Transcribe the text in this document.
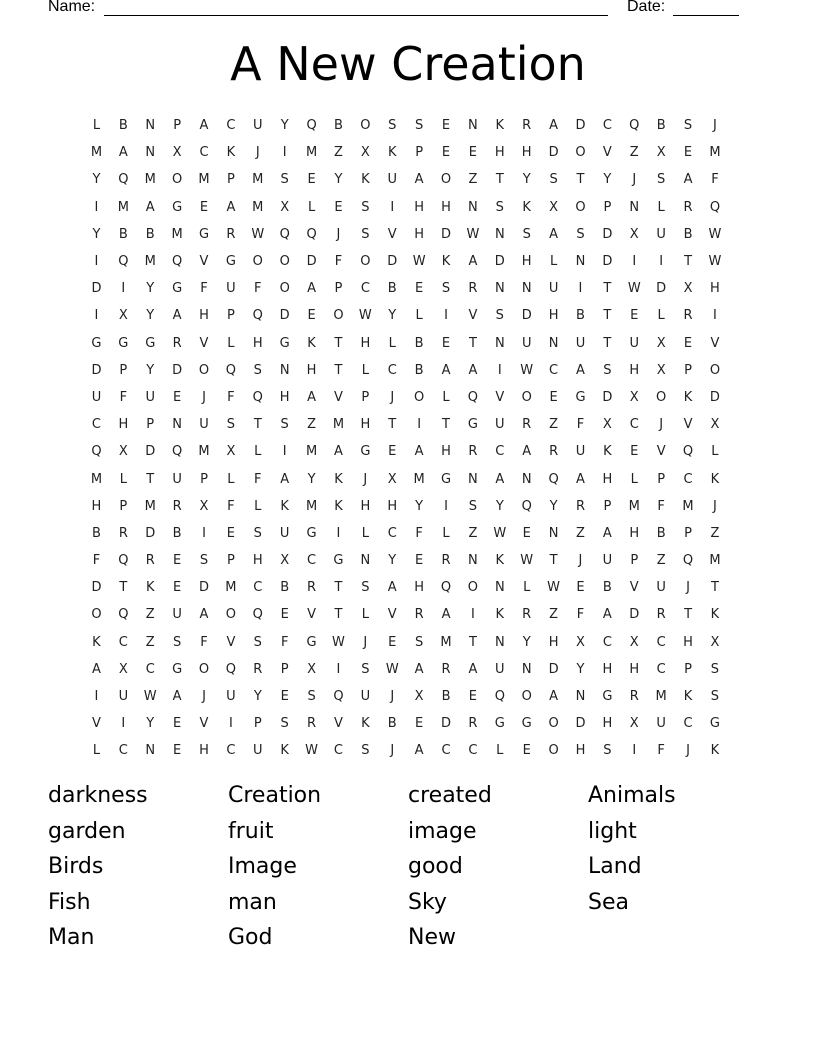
Name:	Date:
A New Creation
L	B	N	P	A	C	U	Y	Q	B	O	S	S	E	N	K	R	A	D	C	Q	B	S	J
M	A	N	X	C	K	J	I	M	Z	X	K	P	E	E	H	H	D	O	V	Z	X	E	M
Y	Q	M	O	M	P	M	S	E	Y	K	U	A	O	Z	T	Y	S	T	Y	J	S	A	F
I	M	A	G	E	A	M	X	L	E	S	I	H	H	N	S	K	X	O	P	N	L	R	Q
Y	B	B	M	G	R	W	Q	Q	J	S	V	H	D	W	N	S	A	S	D	X	U	B	W
I	Q	M	Q	V	G	O	O	D	F	O	D	W	K	A	D	H	L	N	D	I	I	T	W
D	I	Y	G	F	U	F	O	A	P	C	B	E	S	R	N	N	U	I	T	W	D	X	H
I	X	Y	A	H	P	Q	D	E	O	W	Y	L	I	V	S	D	H	B	T	E	L	R	I
G	G	G	R	V	L	H	G	K	T	H	L	B	E	T	N	U	N	U	T	U	X	E	V
D	P	Y	D	O	Q	S	N	H	T	L	C	B	A	A	I	W	C	A	S	H	X	P	O
U	F	U	E	J	F	Q	H	A	V	P	J	O	L	Q	V	O	E	G	D	X	O	K	D
C	H	P	N	U	S	T	S	Z	M	H	T	I	T	G	U	R	Z	F	X	C	J	V	X
Q	X	D	Q	M	X	L	I	M	A	G	E	A	H	R	C	A	R	U	K	E	V	Q	L
M	L	T	U	P	L	F	A	Y	K	J	X	M	G	N	A	N	Q	A	H	L	P	C	K
H	P	M	R	X	F	L	K	M	K	H	H	Y	I	S	Y	Q	Y	R	P	M	F	M	J
B	R	D	B	I	E	S	U	G	I	L	C	F	L	Z	W	E	N	Z	A	H	B	P	Z
F	Q	R	E	S	P	H	X	C	G	N	Y	E	R	N	K	W	T	J	U	P	Z	Q	M
D	T	K	E	D	M	C	B	R	T	S	A	H	Q	O	N	L	W	E	B	V	U	J	T
O	Q	Z	U	A	O	Q	E	V	T	L	V	R	A	I	K	R	Z	F	A	D	R	T	K
K	C	Z	S	F	V	S	F	G	W	J	E	S	M	T	N	Y	H	X	C	X	C	H	X
A	X	C	G	O	Q	R	P	X	I	S	W	A	R	A	U	N	D	Y	H	H	C	P	S
I	U	W	A	J	U	Y	E	S	Q	U	J	X	B	E	Q	O	A	N	G	R	M	K	S
V	I	Y	E	V	I	P	S	R	V	K	B	E	D	R	G	G	O	D	H	X	U	C	G
L	C	N	E	H	C	U	K	W	C	S	J	A	C	C	L	E	O	H	S	I	F	J	K
darkness	Creation	created	Animals
garden	fruit	image	light
Birds	Image	good	Land
Fish	man	Sky	Sea
Man	God	New
